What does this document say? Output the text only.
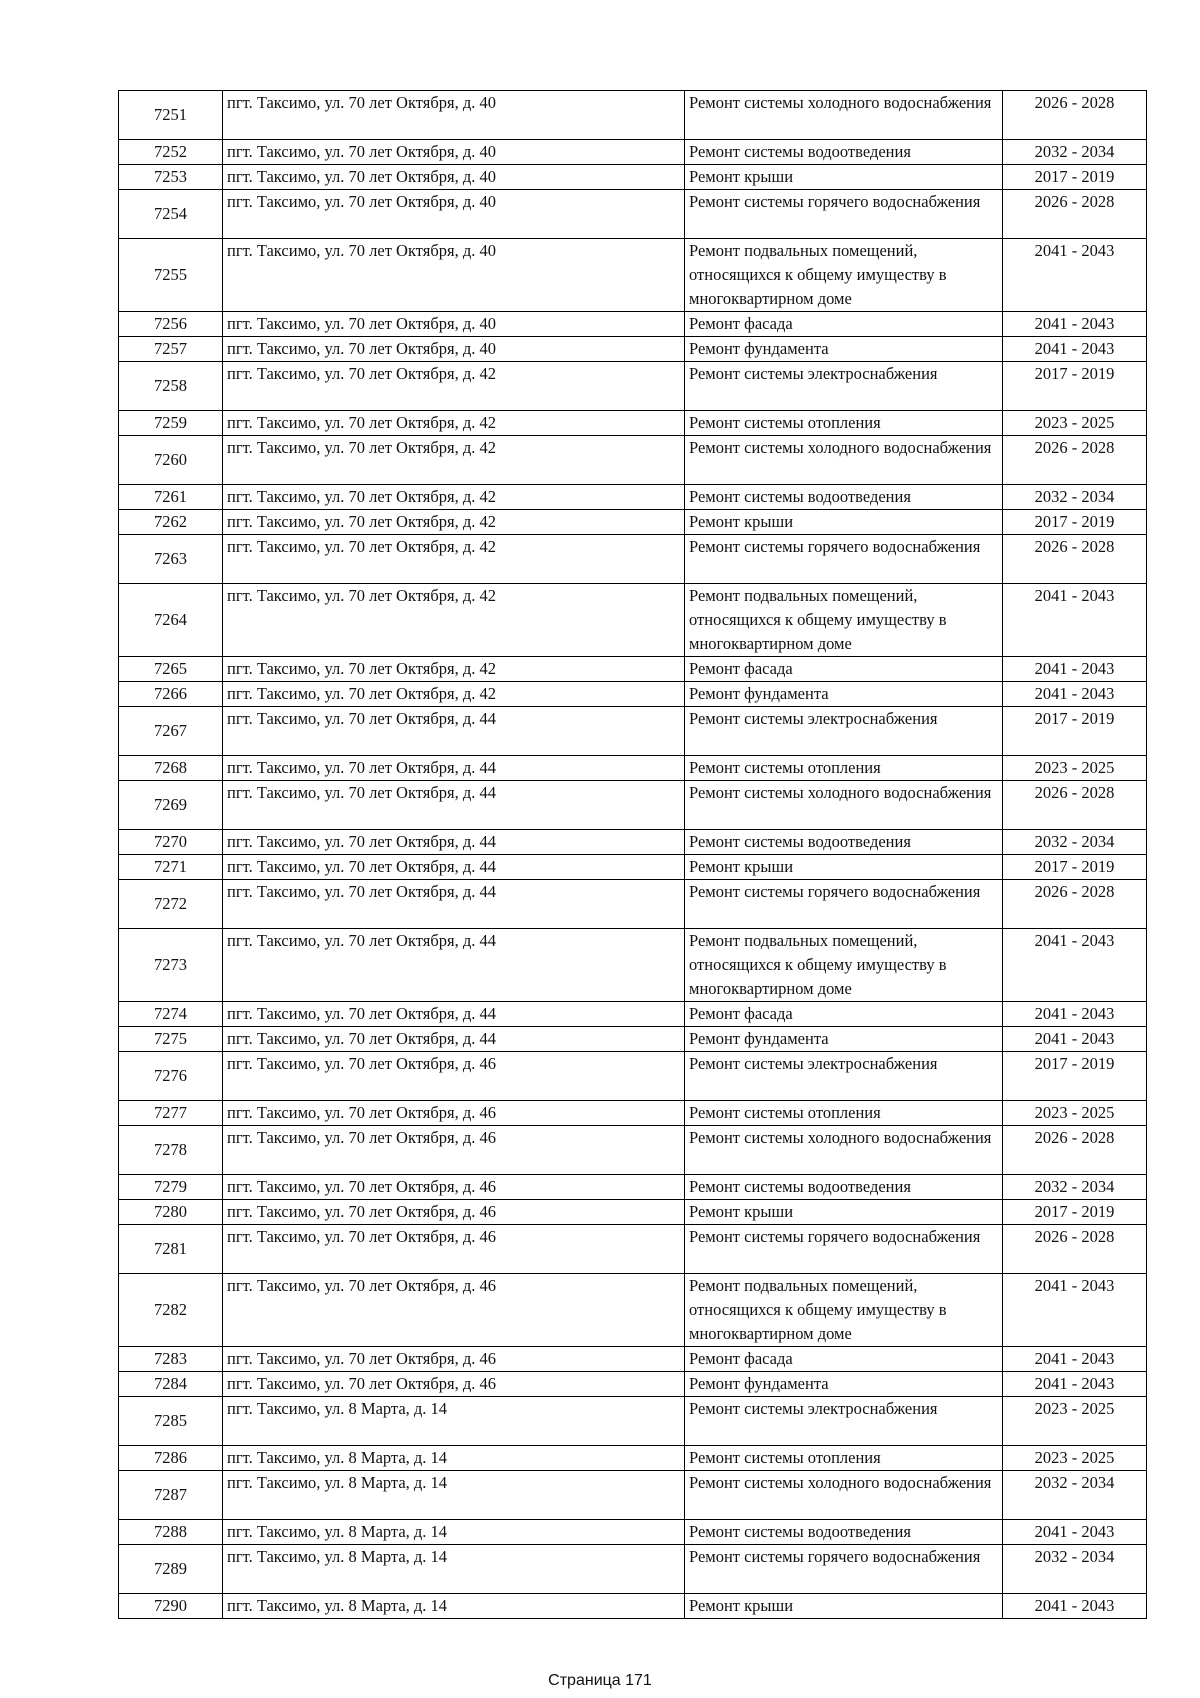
7251	пгт. Таксимо, ул. 70 лет Октября, д. 40	Ремонт системы холодного водоснабжения	2026 - 2028
7252	пгт. Таксимо, ул. 70 лет Октября, д. 40	Ремонт системы водоотведения	2032 - 2034
7253	пгт. Таксимо, ул. 70 лет Октября, д. 40	Ремонт крыши	2017 - 2019
7254	пгт. Таксимо, ул. 70 лет Октября, д. 40	Ремонт системы горячего водоснабжения	2026 - 2028
7255	пгт. Таксимо, ул. 70 лет Октября, д. 40	Ремонт подвальных помещений, относящихся к общему имуществу в многоквартирном доме	2041 - 2043
7256	пгт. Таксимо, ул. 70 лет Октября, д. 40	Ремонт фасада	2041 - 2043
7257	пгт. Таксимо, ул. 70 лет Октября, д. 40	Ремонт фундамента	2041 - 2043
7258	пгт. Таксимо, ул. 70 лет Октября, д. 42	Ремонт системы электроснабжения	2017 - 2019
7259	пгт. Таксимо, ул. 70 лет Октября, д. 42	Ремонт системы отопления	2023 - 2025
7260	пгт. Таксимо, ул. 70 лет Октября, д. 42	Ремонт системы холодного водоснабжения	2026 - 2028
7261	пгт. Таксимо, ул. 70 лет Октября, д. 42	Ремонт системы водоотведения	2032 - 2034
7262	пгт. Таксимо, ул. 70 лет Октября, д. 42	Ремонт крыши	2017 - 2019
7263	пгт. Таксимо, ул. 70 лет Октября, д. 42	Ремонт системы горячего водоснабжения	2026 - 2028
7264	пгт. Таксимо, ул. 70 лет Октября, д. 42	Ремонт подвальных помещений, относящихся к общему имуществу в многоквартирном доме	2041 - 2043
7265	пгт. Таксимо, ул. 70 лет Октября, д. 42	Ремонт фасада	2041 - 2043
7266	пгт. Таксимо, ул. 70 лет Октября, д. 42	Ремонт фундамента	2041 - 2043
7267	пгт. Таксимо, ул. 70 лет Октября, д. 44	Ремонт системы электроснабжения	2017 - 2019
7268	пгт. Таксимо, ул. 70 лет Октября, д. 44	Ремонт системы отопления	2023 - 2025
7269	пгт. Таксимо, ул. 70 лет Октября, д. 44	Ремонт системы холодного водоснабжения	2026 - 2028
7270	пгт. Таксимо, ул. 70 лет Октября, д. 44	Ремонт системы водоотведения	2032 - 2034
7271	пгт. Таксимо, ул. 70 лет Октября, д. 44	Ремонт крыши	2017 - 2019
7272	пгт. Таксимо, ул. 70 лет Октября, д. 44	Ремонт системы горячего водоснабжения	2026 - 2028
7273	пгт. Таксимо, ул. 70 лет Октября, д. 44	Ремонт подвальных помещений, относящихся к общему имуществу в многоквартирном доме	2041 - 2043
7274	пгт. Таксимо, ул. 70 лет Октября, д. 44	Ремонт фасада	2041 - 2043
7275	пгт. Таксимо, ул. 70 лет Октября, д. 44	Ремонт фундамента	2041 - 2043
7276	пгт. Таксимо, ул. 70 лет Октября, д. 46	Ремонт системы электроснабжения	2017 - 2019
7277	пгт. Таксимо, ул. 70 лет Октября, д. 46	Ремонт системы отопления	2023 - 2025
7278	пгт. Таксимо, ул. 70 лет Октября, д. 46	Ремонт системы холодного водоснабжения	2026 - 2028
7279	пгт. Таксимо, ул. 70 лет Октября, д. 46	Ремонт системы водоотведения	2032 - 2034
7280	пгт. Таксимо, ул. 70 лет Октября, д. 46	Ремонт крыши	2017 - 2019
7281	пгт. Таксимо, ул. 70 лет Октября, д. 46	Ремонт системы горячего водоснабжения	2026 - 2028
7282	пгт. Таксимо, ул. 70 лет Октября, д. 46	Ремонт подвальных помещений, относящихся к общему имуществу в многоквартирном доме	2041 - 2043
7283	пгт. Таксимо, ул. 70 лет Октября, д. 46	Ремонт фасада	2041 - 2043
7284	пгт. Таксимо, ул. 70 лет Октября, д. 46	Ремонт фундамента	2041 - 2043
7285	пгт. Таксимо, ул. 8 Марта, д. 14	Ремонт системы электроснабжения	2023 - 2025
7286	пгт. Таксимо, ул. 8 Марта, д. 14	Ремонт системы отопления	2023 - 2025
7287	пгт. Таксимо, ул. 8 Марта, д. 14	Ремонт системы холодного водоснабжения	2032 - 2034
7288	пгт. Таксимо, ул. 8 Марта, д. 14	Ремонт системы водоотведения	2041 - 2043
7289	пгт. Таксимо, ул. 8 Марта, д. 14	Ремонт системы горячего водоснабжения	2032 - 2034
7290	пгт. Таксимо, ул. 8 Марта, д. 14	Ремонт крыши	2041 - 2043
Страница 171
